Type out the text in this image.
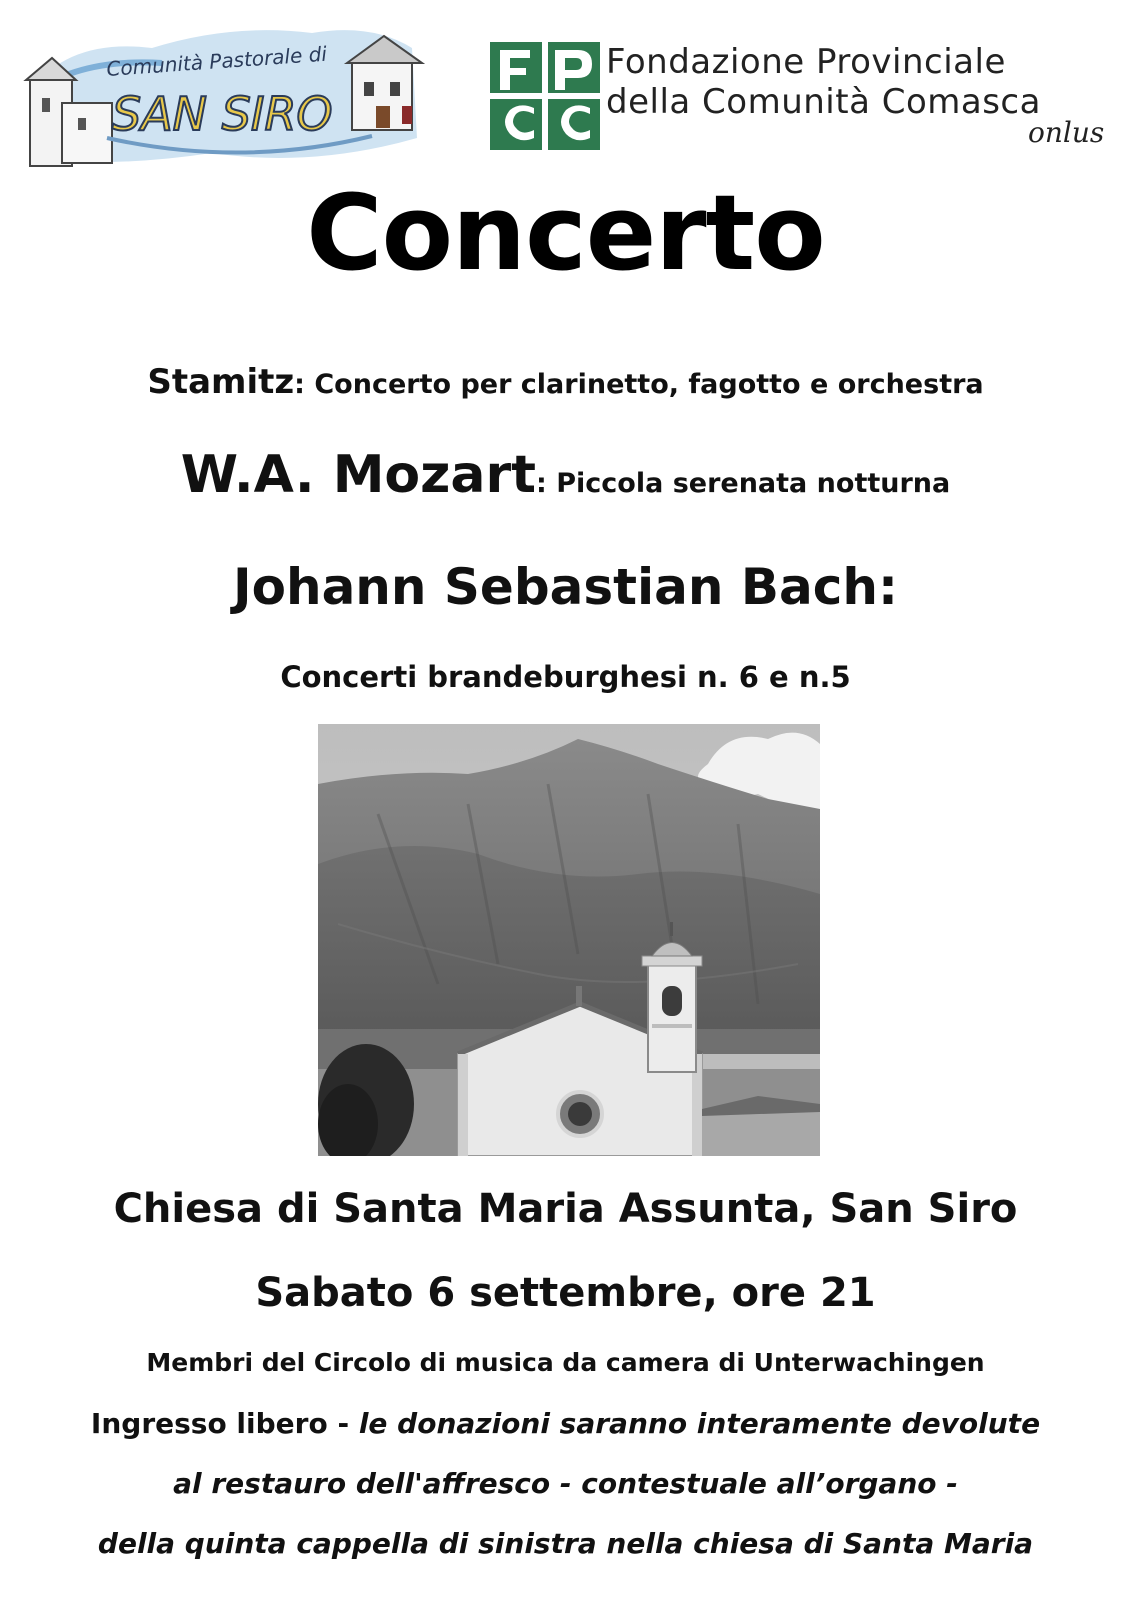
Comunità Pastorale di
SAN SIRO
Fondazione Provinciale
della Comunità Comasca
onlus
Concerto
Stamitz: Concerto per clarinetto, fagotto e orchestra
W.A. Mozart: Piccola serenata notturna
Johann Sebastian Bach:
Concerti brandeburghesi n. 6 e n.5
Chiesa di Santa Maria Assunta, San Siro
Sabato 6 settembre, ore 21
Membri del Circolo di musica da camera di Unterwachingen
Ingresso libero - le donazioni saranno interamente devolute
al restauro dell'affresco - contestuale all’organo -
della quinta cappella di sinistra nella chiesa di Santa Maria
